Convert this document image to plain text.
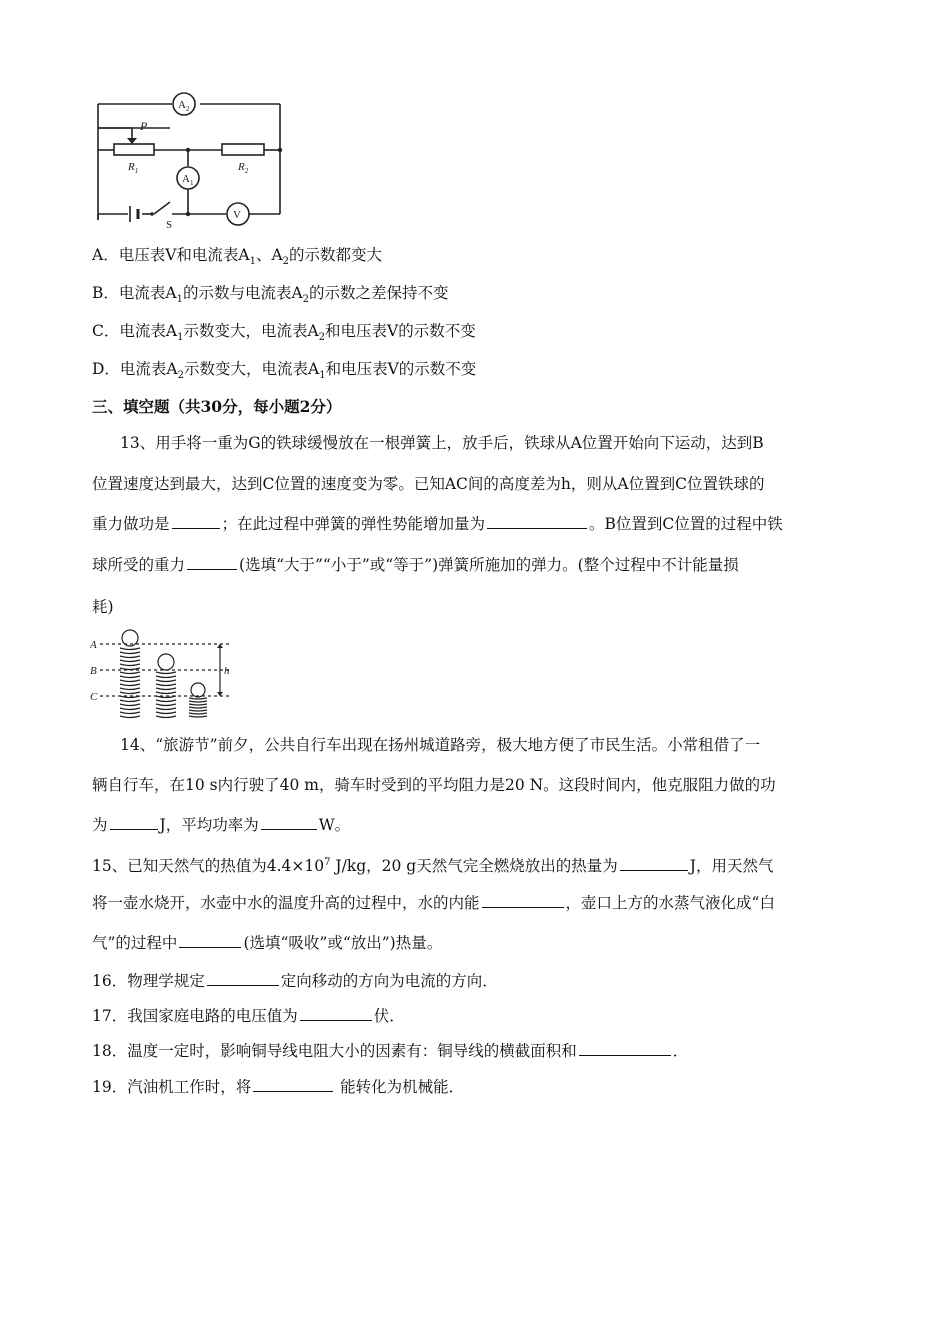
$A_2$
$A_1$
P
$R_1$	$R_2$
V
S
A．电压表V和电流表$A_1$、$A_2$的示数都变大
B．电流表$A_1$的示数与电流表$A_2$的示数之差保持不变
C．电流表$A_1$示数变大，电流表$A_2$和电压表V的示数不变
D．电流表$A_2$示数变大，电流表$A_1$和电压表V的示数不变
三、填空题（共30分，每小题2分）
13、用手将一重为G的铁球缓慢放在一根弹簧上，放手后，铁球从A位置开始向下运动，达到B
位置速度达到最大，达到C位置的速度变为零。已知AC间的高度差为h，则从A位置到C位置铁球的
重力做功是	；在此过程中弹簧的弹性势能增加量为	。B位置到C位置的过程中铁
球所受的重力	(选填“大于”“小于”或“等于”)弹簧所施加的弹力。(整个过程中不计能量损
耗)
A
B
C
h
14、“旅游节”前夕，公共自行车出现在扬州城道路旁，极大地方便了市民生活。小常租借了一
辆自行车，在10 s内行驶了40 m，骑车时受到的平均阻力是20 N。这段时间内，他克服阻力做的功
为	J，平均功率为	W。
15、已知天然气的热值为$4.4\times 10^7$ J/kg，20 g天然气完全燃烧放出的热量为	J，用天然气
将一壶水烧开，水壶中水的温度升高的过程中，水的内能	，壶口上方的水蒸气液化成“白
气”的过程中	(选填“吸收”或“放出”)热量。
16．物理学规定	定向移动的方向为电流的方向．
17．我国家庭电路的电压值为	伏．
18．温度一定时，影响铜导线电阻大小的因素有：铜导线的横截面积和	．
19．汽油机工作时，将	能转化为机械能．
